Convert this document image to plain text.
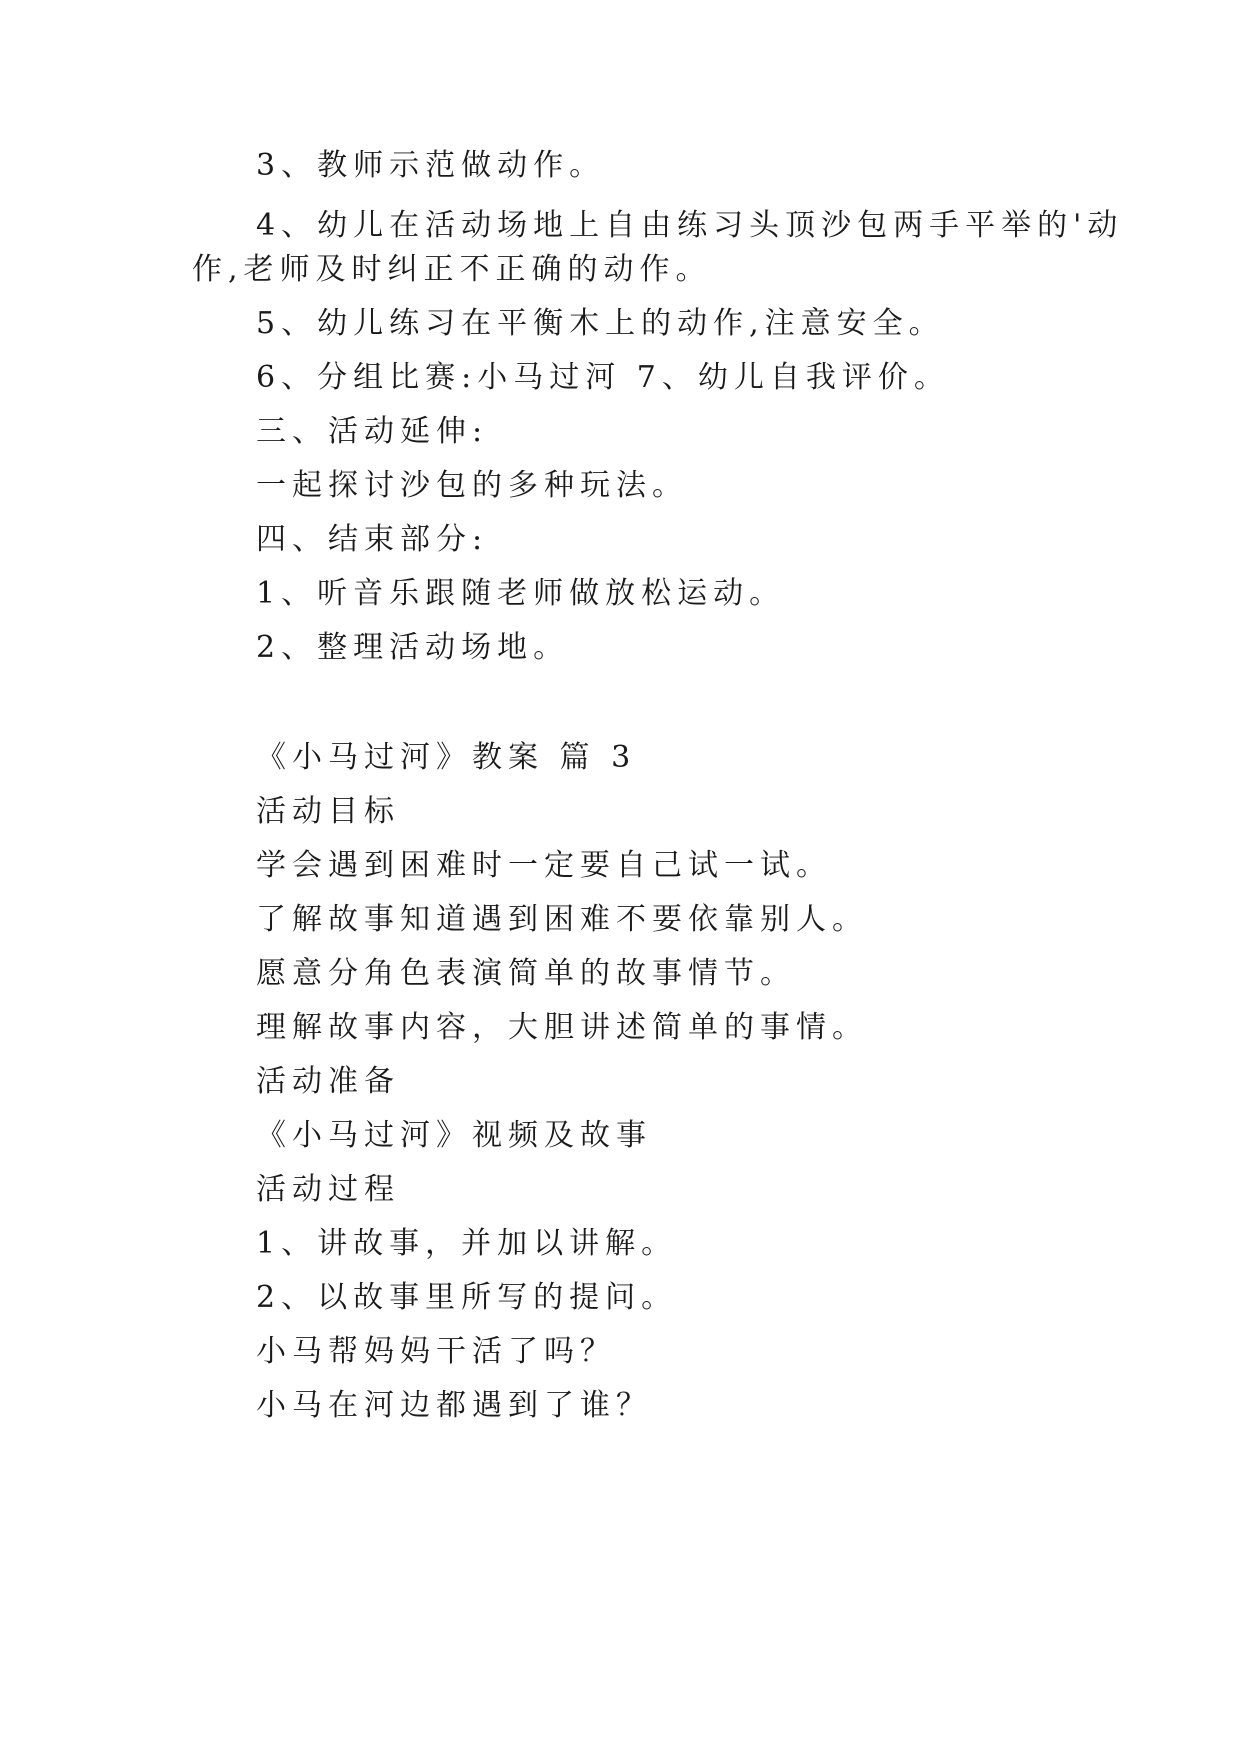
3、教师示范做动作。
4、幼儿在活动场地上自由练习头顶沙包两手平举的'动
作,老师及时纠正不正确的动作。
5、幼儿练习在平衡木上的动作,注意安全。
6、分组比赛:小马过河 7、幼儿自我评价。
三、活动延伸:
一起探讨沙包的多种玩法。
四、结束部分:
1、听音乐跟随老师做放松运动。
2、整理活动场地。
《小马过河》教案 篇 3
活动目标
学会遇到困难时一定要自己试一试。
了解故事知道遇到困难不要依靠别人。
愿意分角色表演简单的故事情节。
理解故事内容，大胆讲述简单的事情。
活动准备
《小马过河》视频及故事
活动过程
1、讲故事，并加以讲解。
2、以故事里所写的提问。
小马帮妈妈干活了吗？
小马在河边都遇到了谁？
